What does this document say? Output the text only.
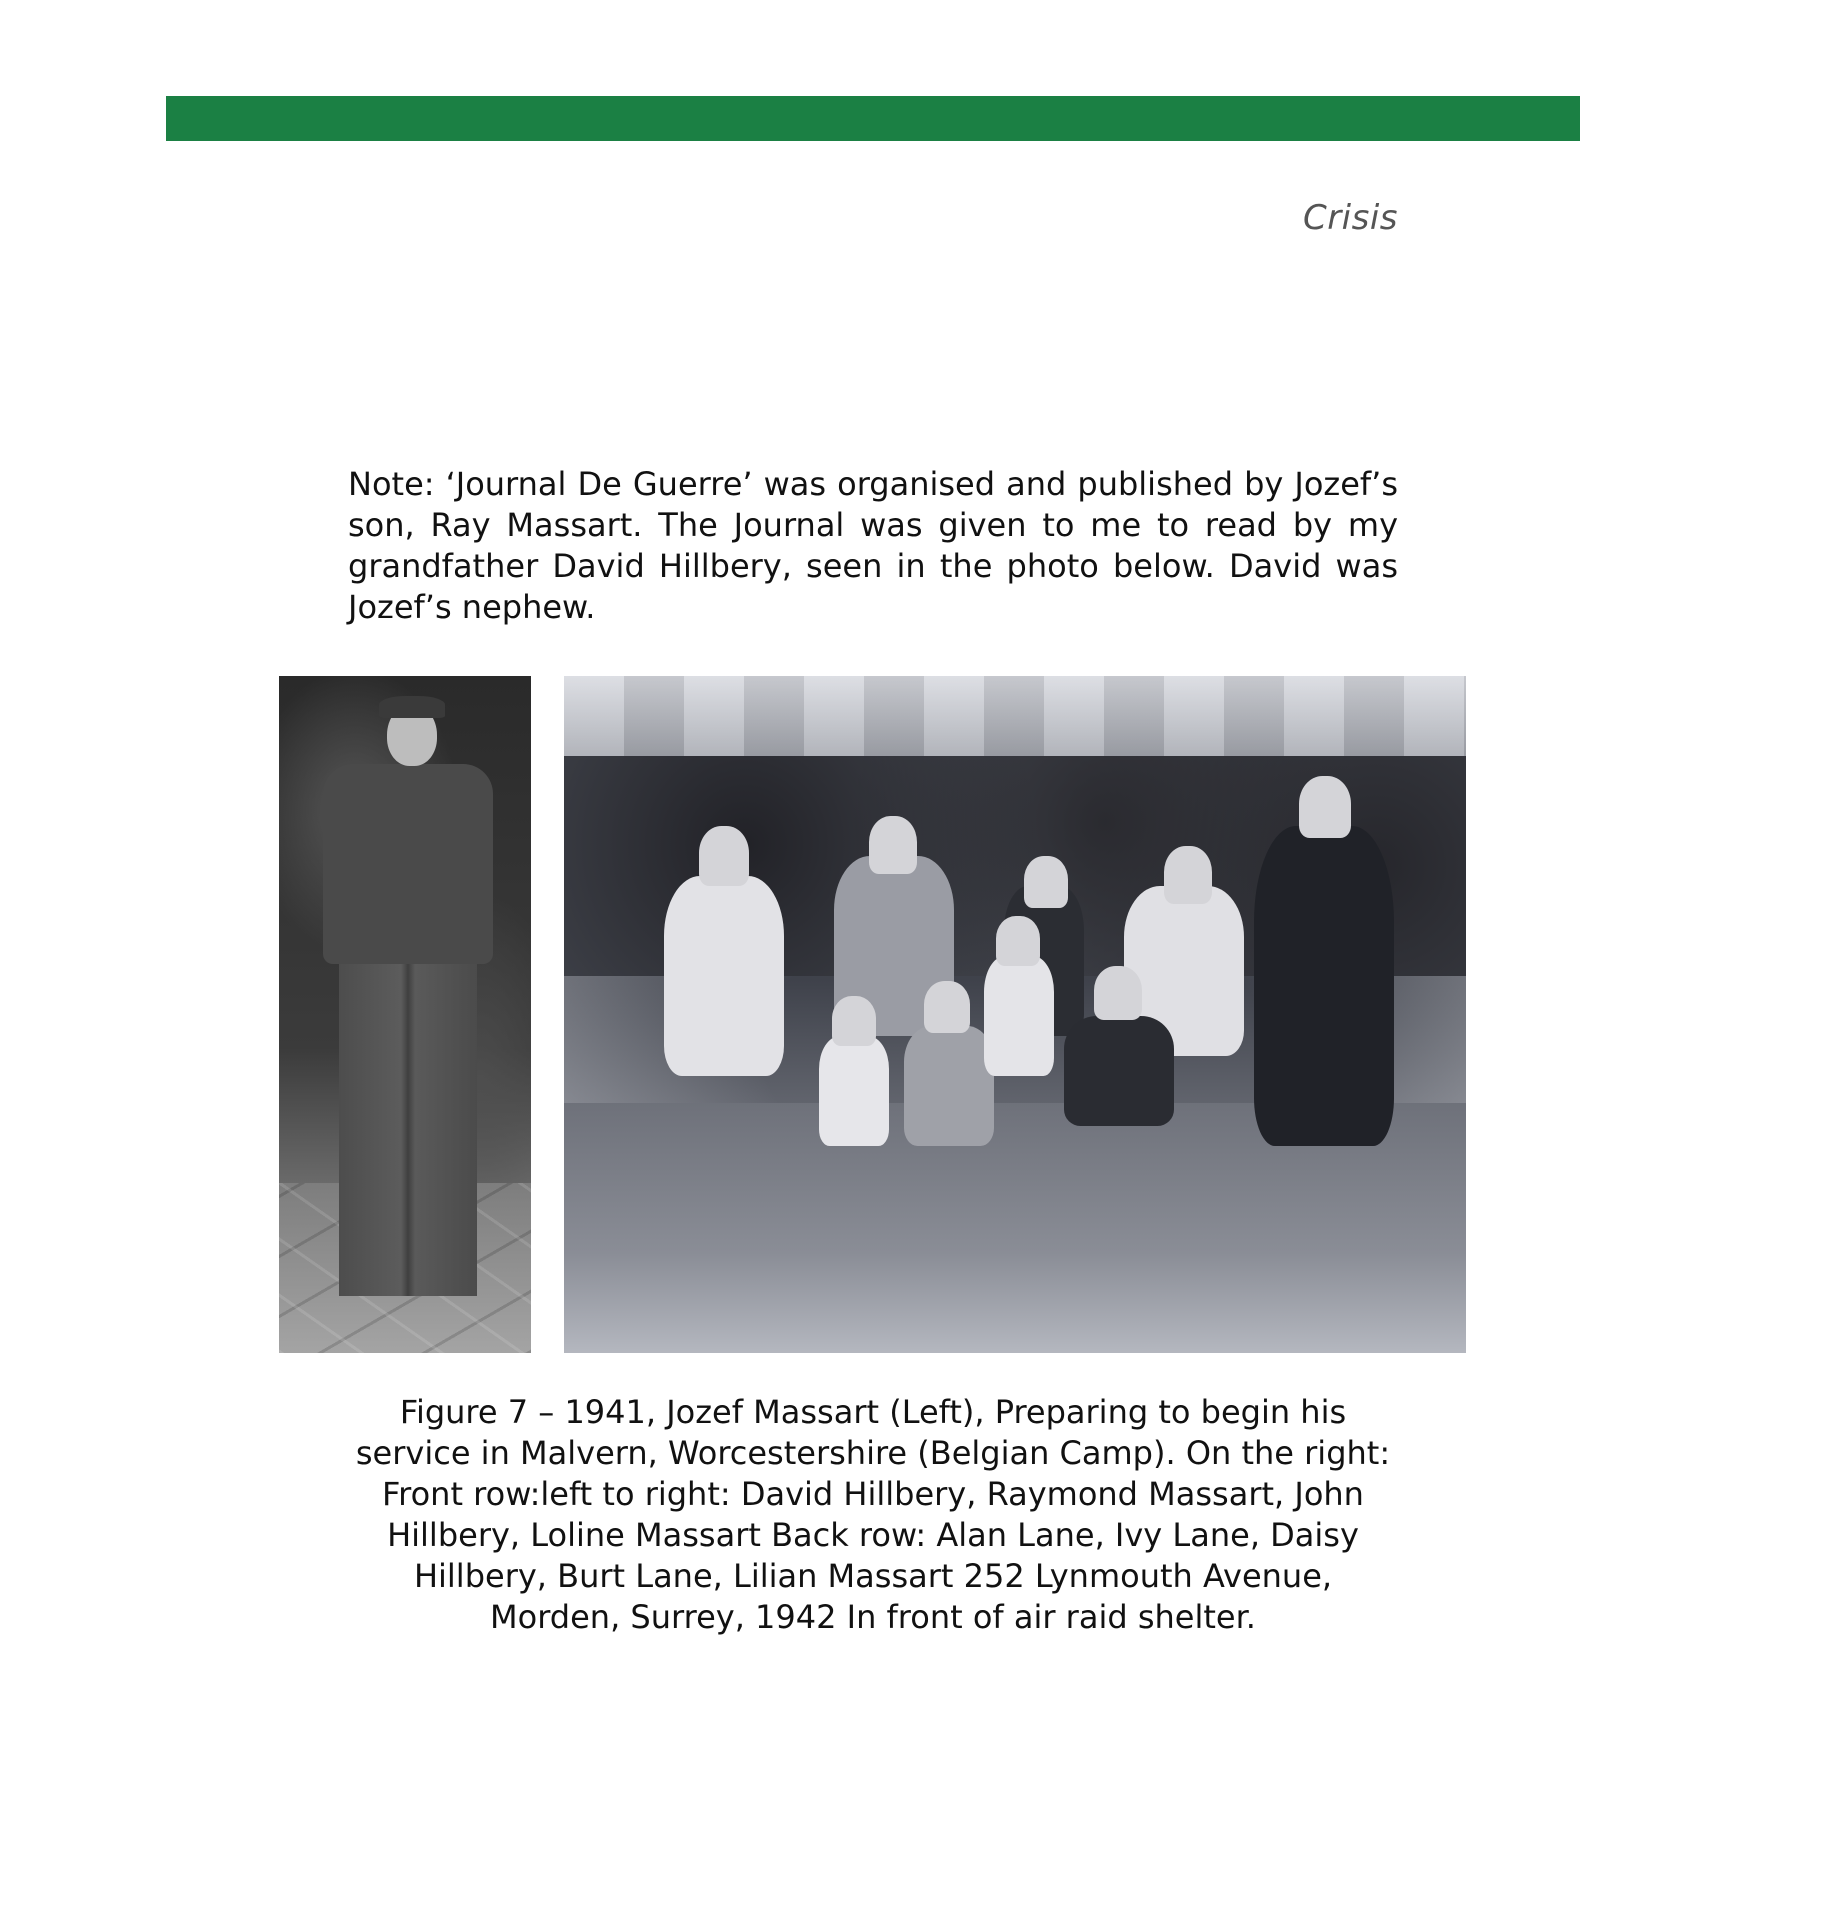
Crisis

Note: ‘Journal De Guerre’ was organised and published by Jozef’s son, Ray Massart. The Journal was given to me to read by my grandfather David Hillbery, seen in the photo below. David was Jozef’s nephew.

Figure 7 – 1941, Jozef Massart (Left), Preparing to begin his service in Malvern, Worcestershire (Belgian Camp). On the right: Front row:left to right: David Hillbery, Raymond Massart, John Hillbery, Loline Massart Back row: Alan Lane, Ivy Lane, Daisy Hillbery, Burt Lane, Lilian Massart 252 Lynmouth Avenue, Morden, Surrey, 1942 In front of air raid shelter.
